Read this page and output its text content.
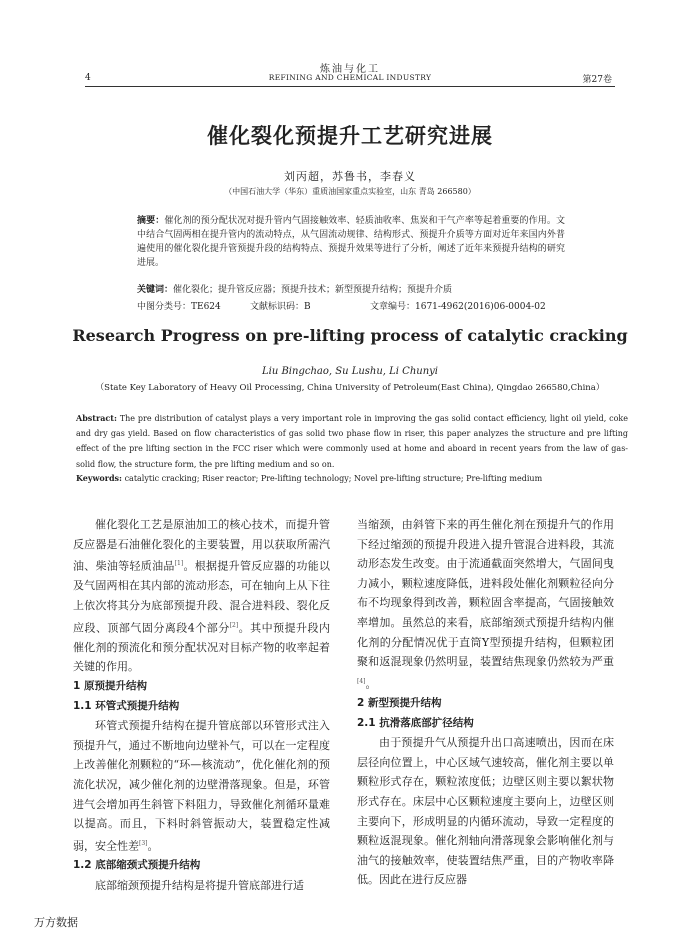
炼油与化工
REFINING AND CHEMICAL INDUSTRY
4	第27卷
催化裂化预提升工艺研究进展
刘丙超，苏鲁书，李春义
（中国石油大学（华东）重质油国家重点实验室，山东 青岛 266580）
摘要：催化剂的预分配状况对提升管内气固接触效率、轻质油收率、焦炭和干气产率等起着重要的作用。文中结合气固两相在提升管内的流动特点，从气固流动规律、结构形式、预提升介质等方面对近年来国内外普遍使用的催化裂化提升管预提升段的结构特点、预提升效果等进行了分析，阐述了近年来预提升结构的研究进展。
关键词：催化裂化；提升管反应器；预提升技术；新型预提升结构；预提升介质
中图分类号：TE624	文献标识码：B	文章编号：1671-4962(2016)06-0004-02
Research Progress on pre-lifting process of catalytic cracking
Liu Bingchao, Su Lushu, Li Chunyi
（State Key Laboratory of Heavy Oil Processing, China University of Petroleum(East China), Qingdao 266580,China）
Abstract: The pre distribution of catalyst plays a very important role in improving the gas solid contact efficiency, light oil yield, coke and dry gas yield. Based on flow characteristics of gas solid two phase flow in riser, this paper analyzes the structure and pre lifting effect of the pre lifting section in the FCC riser which were commonly used at home and aboard in recent years from the law of gas-solid flow, the structure form, the pre lifting medium and so on.
Keywords: catalytic cracking; Riser reactor; Pre-lifting technology; Novel pre-lifting structure; Pre-lifting medium

催化裂化工艺是原油加工的核心技术，而提升管反应器是石油催化裂化的主要装置，用以获取所需汽油、柴油等轻质油品[1]。根据提升管反应器的功能以及气固两相在其内部的流动形态，可在轴向上从下往上依次将其分为底部预提升段、混合进料段、裂化反应段、顶部气固分离段4个部分[2]。其中预提升段内催化剂的预流化和预分配状况对目标产物的收率起着关键的作用。

1 原预提升结构

1.1 环管式预提升结构

环管式预提升结构在提升管底部以环管形式注入预提升气，通过不断地向边壁补气，可以在一定程度上改善催化剂颗粒的“环—核流动”，优化催化剂的预流化状况，减少催化剂的边壁滑落现象。但是，环管进气会增加再生斜管下料阻力，导致催化剂循环量难以提高。而且，下料时斜管振动大，装置稳定性减弱，安全性差[3]。

1.2 底部缩颈式预提升结构

底部缩颈预提升结构是将提升管底部进行适

当缩颈，由斜管下来的再生催化剂在预提升气的作用下经过缩颈的预提升段进入提升管混合进料段，其流动形态发生改变。由于流通截面突然增大，气固间曳力减小，颗粒速度降低，进料段处催化剂颗粒径向分布不均现象得到改善，颗粒固含率提高，气固接触效率增加。虽然总的来看，底部缩颈式预提升结构内催化剂的分配情况优于直筒Y型预提升结构，但颗粒团聚和返混现象仍然明显，装置结焦现象仍然较为严重[4]。

2 新型预提升结构

2.1 抗滑落底部扩径结构

由于预提升气从预提升出口高速喷出，因而在床层径向位置上，中心区域气速较高，催化剂主要以单颗粒形式存在，颗粒浓度低；边壁区则主要以絮状物形式存在。床层中心区颗粒速度主要向上，边壁区则主要向下，形成明显的内循环流动，导致一定程度的颗粒返混现象。催化剂轴向滑落现象会影响催化剂与油气的接触效率，使装置结焦严重，目的产物收率降低。因此在进行反应器

万方数据
